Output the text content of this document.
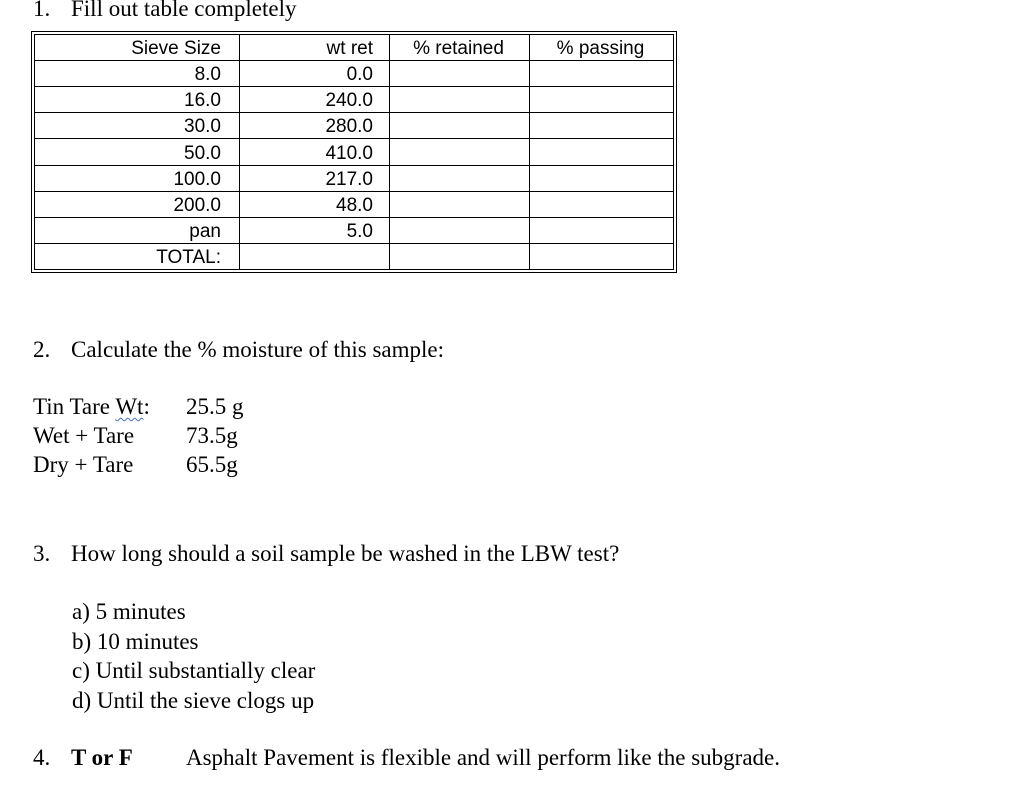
1. Fill out table completely
Sieve Size	wt ret	% retained	% passing
8.0	0.0		
16.0	240.0		
30.0	280.0		
50.0	410.0		
100.0	217.0		
200.0	48.0		
pan	5.0		
TOTAL:			
2. Calculate the % moisture of this sample:
Tin Tare Wt: 25.5 g
Wet + Tare 73.5g
Dry + Tare 65.5g
3. How long should a soil sample be washed in the LBW test?
a) 5 minutes
b) 10 minutes
c) Until substantially clear
d) Until the sieve clogs up
4. T or F Asphalt Pavement is flexible and will perform like the subgrade.
